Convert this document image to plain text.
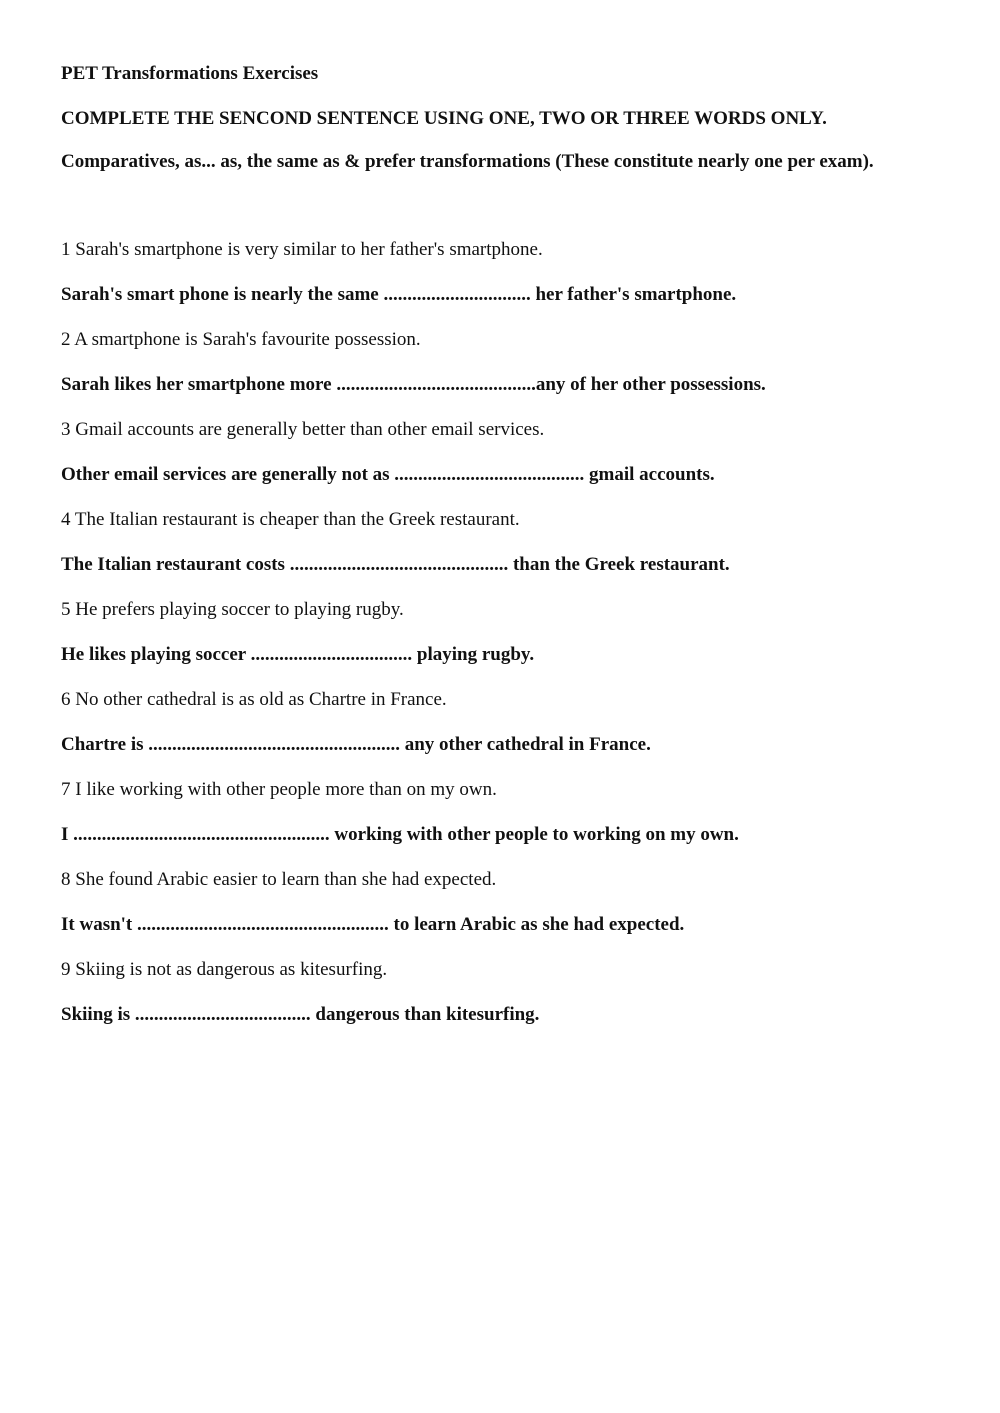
PET Transformations Exercises

COMPLETE THE SENCOND SENTENCE USING ONE, TWO OR THREE WORDS ONLY.

Comparatives, as... as, the same as & prefer transformations (These constitute nearly one per exam).

1 Sarah's smartphone is very similar to her father's smartphone.

Sarah's smart phone is nearly the same ............................... her father's smartphone.

2 A smartphone is Sarah's favourite possession.

Sarah likes her smartphone more ..........................................any of her other possessions.

3 Gmail accounts are generally better than other email services.

Other email services are generally not as ........................................ gmail accounts.

4 The Italian restaurant is cheaper than the Greek restaurant.

The Italian restaurant costs .............................................. than the Greek restaurant.

5 He prefers playing soccer to playing rugby.

He likes playing soccer .................................. playing rugby.

6 No other cathedral is as old as Chartre in France.

Chartre is ..................................................... any other cathedral in France.

7 I like working with other people more than on my own.

I ...................................................... working with other people to working on my own.

8 She found Arabic easier to learn than she had expected.

It wasn't ..................................................... to learn Arabic as she had expected.

9 Skiing is not as dangerous as kitesurfing.

Skiing is ..................................... dangerous than kitesurfing.
